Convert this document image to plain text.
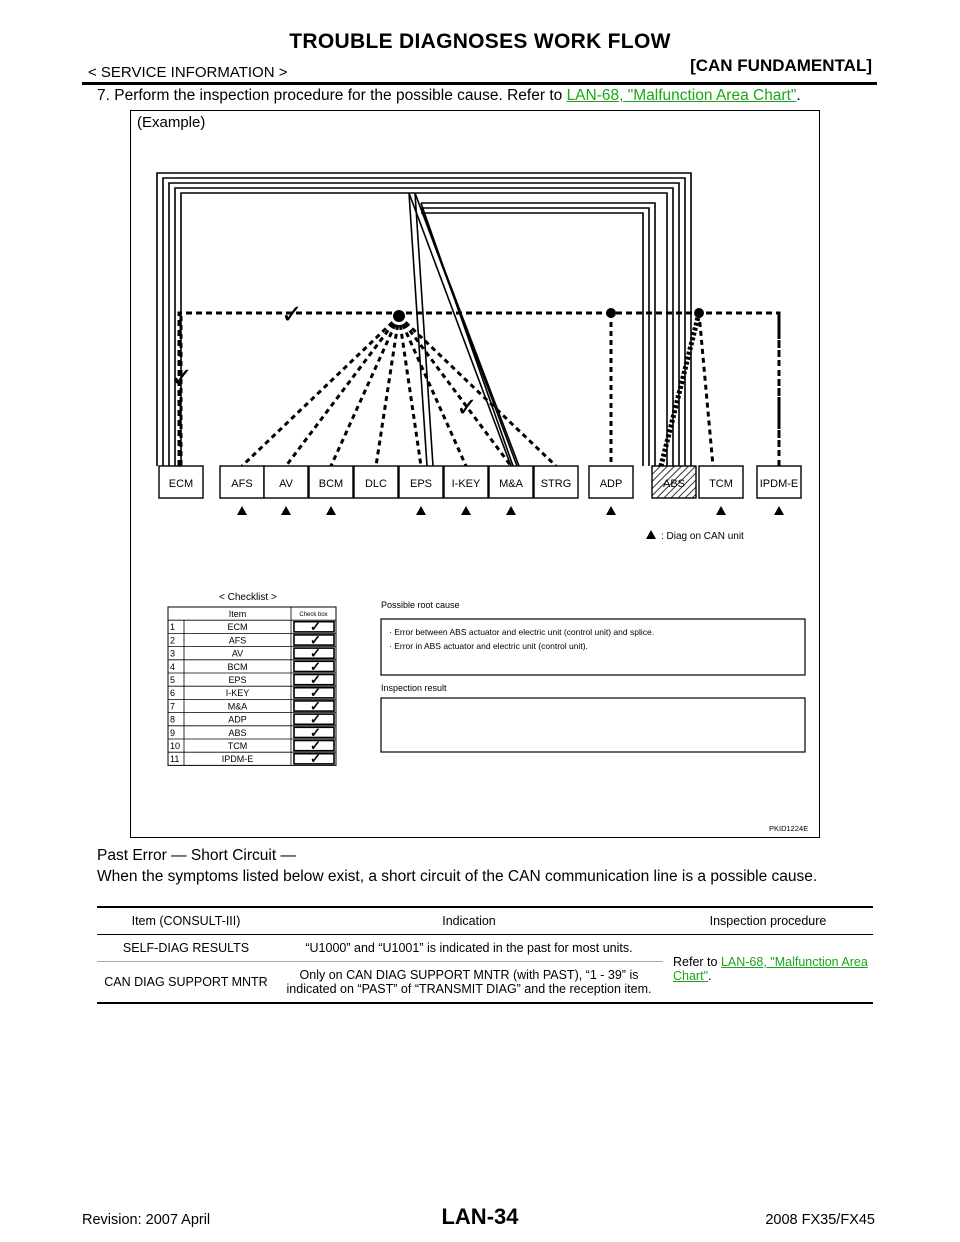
TROUBLE DIAGNOSES WORK FLOW
[CAN FUNDAMENTAL]
< SERVICE INFORMATION >
7. Perform the inspection procedure for the possible cause. Refer to LAN-68, "Malfunction Area Chart".
(Example)
✓
✓
✓
ECM	AFS AV BCM DLC EPS I-KEY M&A STRG	ADP	ABS TCM IPDM-E
: Diag on CAN unit
< Checklist >
Item	Check box
1	ECM	✓
2	AFS	✓
3	AV	✓
4	BCM	✓
5	EPS	✓
6	I-KEY	✓
7	M&A	✓
8	ADP	✓
9	ABS	✓
10	TCM	✓
11	IPDM-E	✓
Possible root cause
· Error between ABS actuator and electric unit (control unit) and splice.
· Error in ABS actuator and electric unit (control unit).
Inspection result
PKID1224E
Past Error — Short Circuit —
When the symptoms listed below exist, a short circuit of the CAN communication line is a possible cause.
Item (CONSULT-III)	Indication	Inspection procedure
SELF-DIAG RESULTS	“U1000” and “U1001” is indicated in the past for most units.	Refer to LAN-68, "Malfunction Area Chart".
CAN DIAG SUPPORT MNTR	Only on CAN DIAG SUPPORT MNTR (with PAST), “1 - 39” is indicated on “PAST” of “TRANSMIT DIAG” and the reception item.	
Revision: 2007 April	LAN-34	2008 FX35/FX45
